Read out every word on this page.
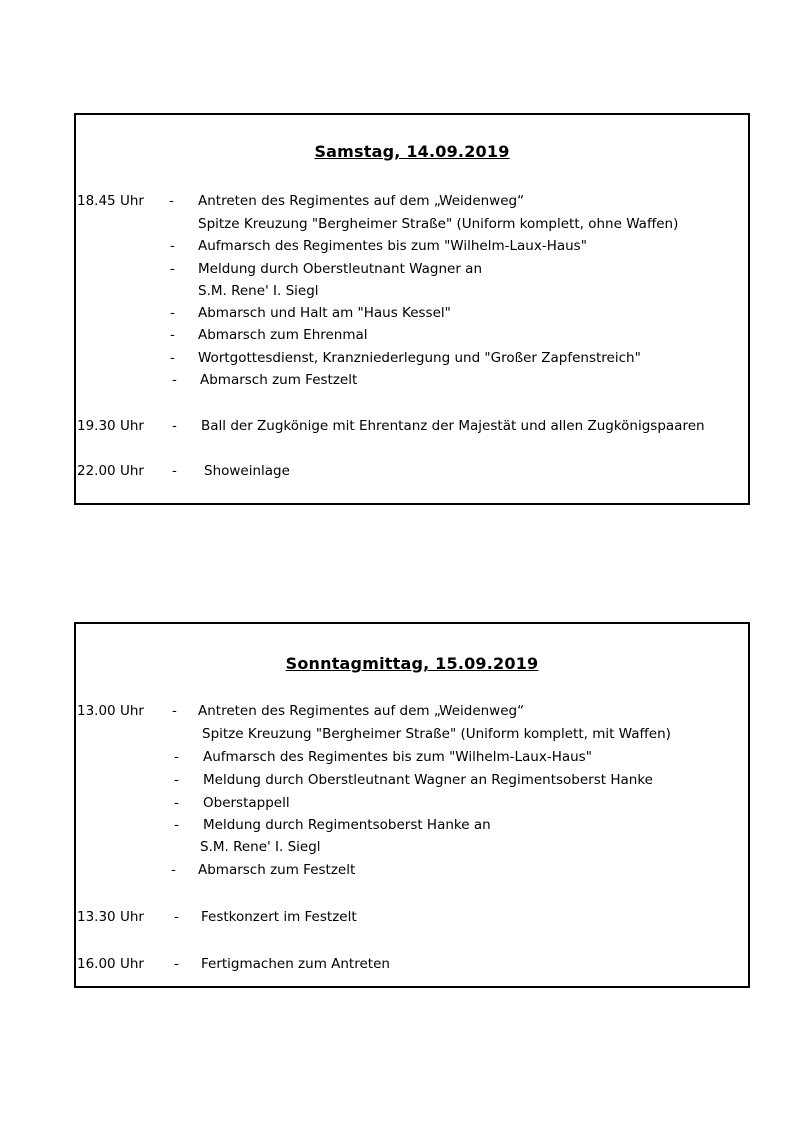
Samstag, 14.09.2019
18.45 Uhr	-	Antreten des Regimentes auf dem „Weidenweg“
Spitze Kreuzung "Bergheimer Straße" (Uniform komplett, ohne Waffen)
-	Aufmarsch des Regimentes bis zum "Wilhelm-Laux-Haus"
-	Meldung durch Oberstleutnant Wagner an
S.M. Rene' I. Siegl
-	Abmarsch und Halt am "Haus Kessel"
-	Abmarsch zum Ehrenmal
-	Wortgottesdienst, Kranzniederlegung und "Großer Zapfenstreich"
-	Abmarsch zum Festzelt
19.30 Uhr	-	Ball der Zugkönige mit Ehrentanz der Majestät und allen Zugkönigspaaren
22.00 Uhr	-	Showeinlage
Sonntagmittag, 15.09.2019
13.00 Uhr	-	Antreten des Regimentes auf dem „Weidenweg“
Spitze Kreuzung "Bergheimer Straße" (Uniform komplett, mit Waffen)
-	Aufmarsch des Regimentes bis zum "Wilhelm-Laux-Haus"
-	Meldung durch Oberstleutnant Wagner an Regimentsoberst Hanke
-	Oberstappell
-	Meldung durch Regimentsoberst Hanke an
S.M. Rene' I. Siegl
-	Abmarsch zum Festzelt
13.30 Uhr	-	Festkonzert im Festzelt
16.00 Uhr	-	Fertigmachen zum Antreten
